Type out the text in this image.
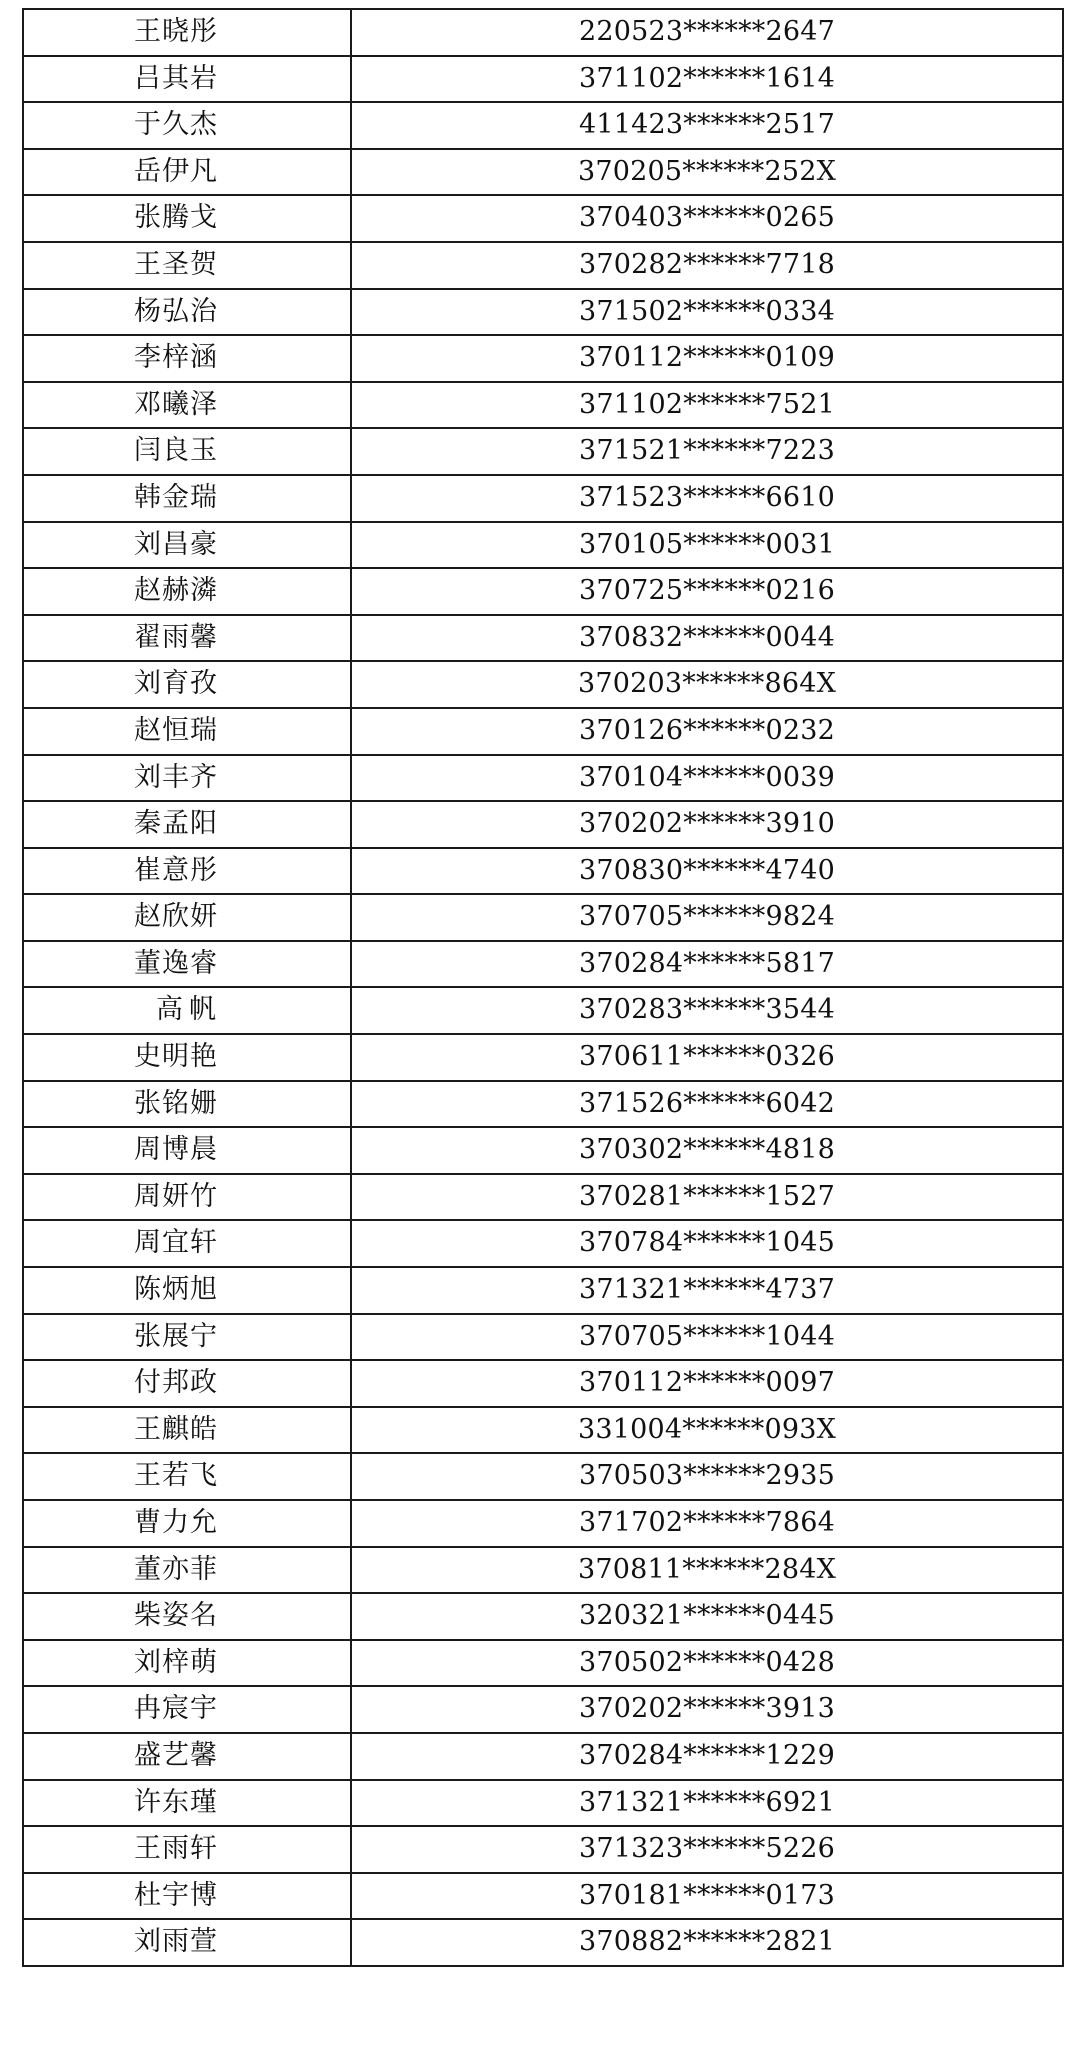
王晓彤	220523******2647
吕其岩	371102******1614
于久杰	411423******2517
岳伊凡	370205******252X
张腾戈	370403******0265
王圣贺	370282******7718
杨弘治	371502******0334
李梓涵	370112******0109
邓曦泽	371102******7521
闫良玉	371521******7223
韩金瑞	371523******6610
刘昌豪	370105******0031
赵赫潾	370725******0216
翟雨馨	370832******0044
刘育孜	370203******864X
赵恒瑞	370126******0232
刘丰齐	370104******0039
秦孟阳	370202******3910
崔意彤	370830******4740
赵欣妍	370705******9824
董逸睿	370284******5817
高帆	370283******3544
史明艳	370611******0326
张铭姗	371526******6042
周博晨	370302******4818
周妍竹	370281******1527
周宜轩	370784******1045
陈炳旭	371321******4737
张展宁	370705******1044
付邦政	370112******0097
王麒皓	331004******093X
王若飞	370503******2935
曹力允	371702******7864
董亦菲	370811******284X
柴姿名	320321******0445
刘梓萌	370502******0428
冉宸宇	370202******3913
盛艺馨	370284******1229
许东瑾	371321******6921
王雨轩	371323******5226
杜宇博	370181******0173
刘雨萱	370882******2821
